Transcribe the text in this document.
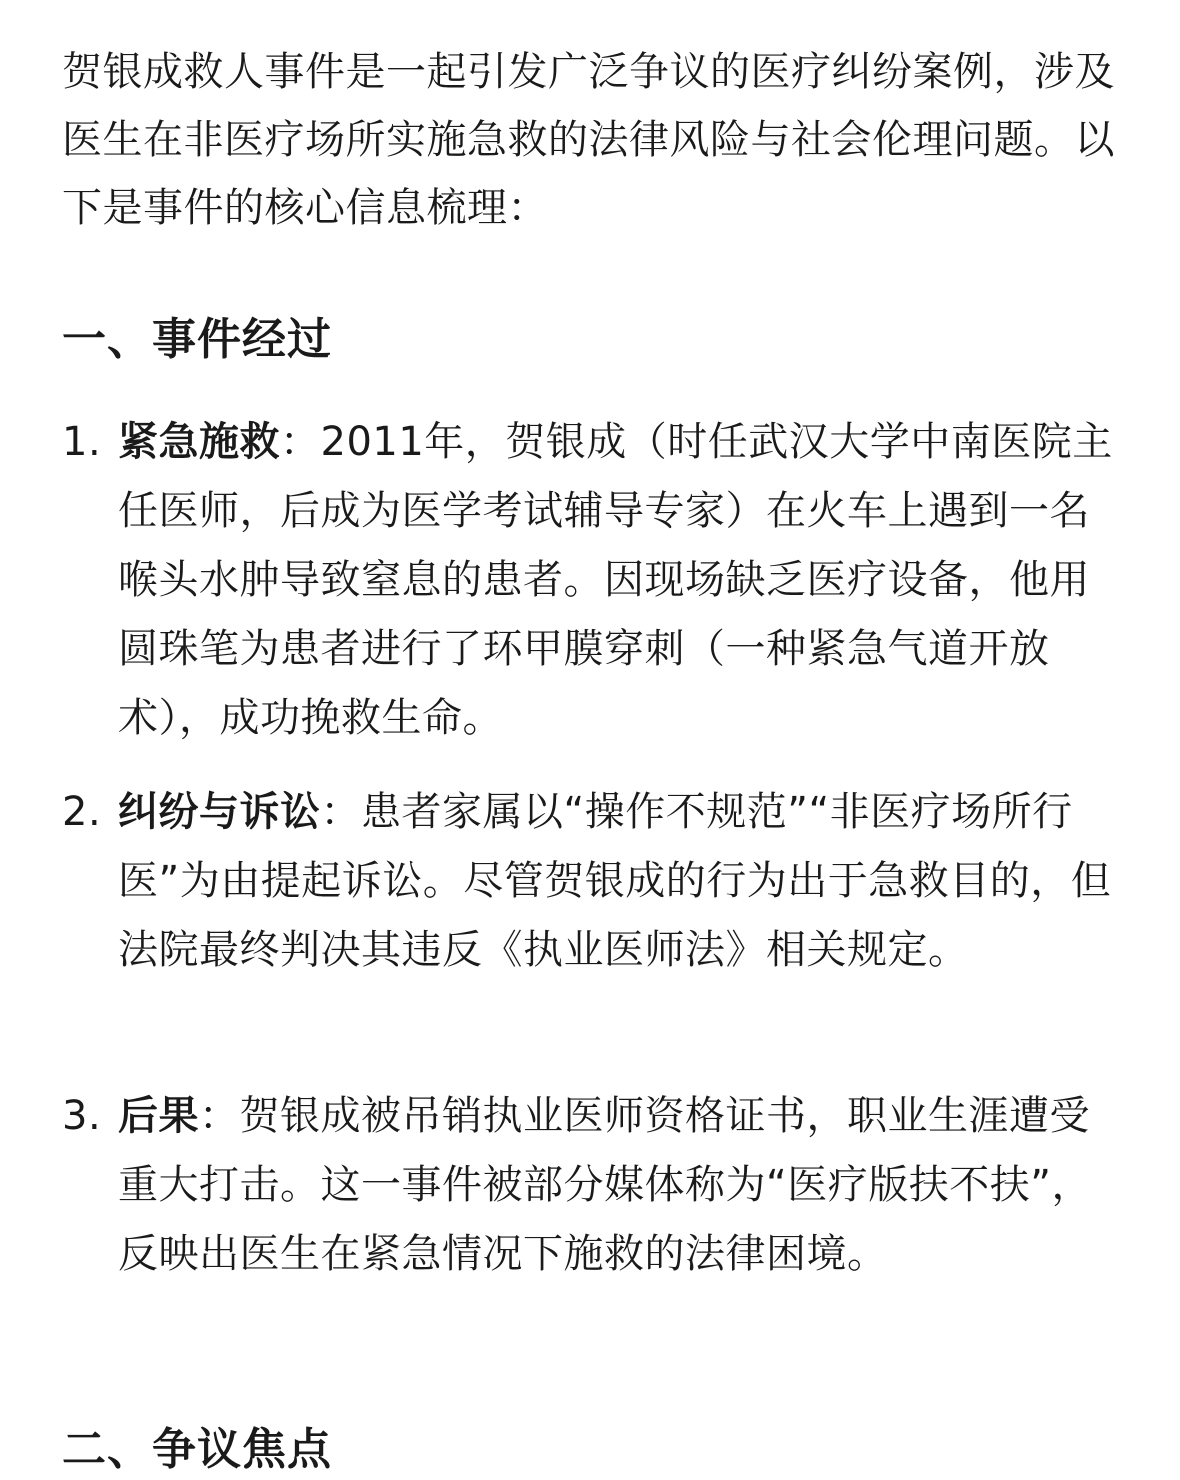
贺银成救人事件是一起引发广泛争议的医疗纠纷案例，涉及医生在非医疗场所实施急救的法律风险与社会伦理问题。以下是事件的核心信息梳理：

一、事件经过
1. 紧急施救：2011年，贺银成（时任武汉大学中南医院主任医师，后成为医学考试辅导专家）在火车上遇到一名喉头水肿导致窒息的患者。因现场缺乏医疗设备，他用圆珠笔为患者进行了环甲膜穿刺（一种紧急气道开放术），成功挽救生命。
2. 纠纷与诉讼：患者家属以“操作不规范”“非医疗场所行医”为由提起诉讼。尽管贺银成的行为出于急救目的，但法院最终判决其违反《执业医师法》相关规定。
3. 后果：贺银成被吊销执业医师资格证书，职业生涯遭受重大打击。这一事件被部分媒体称为“医疗版扶不扶”，反映出医生在紧急情况下施救的法律困境。
二、争议焦点
